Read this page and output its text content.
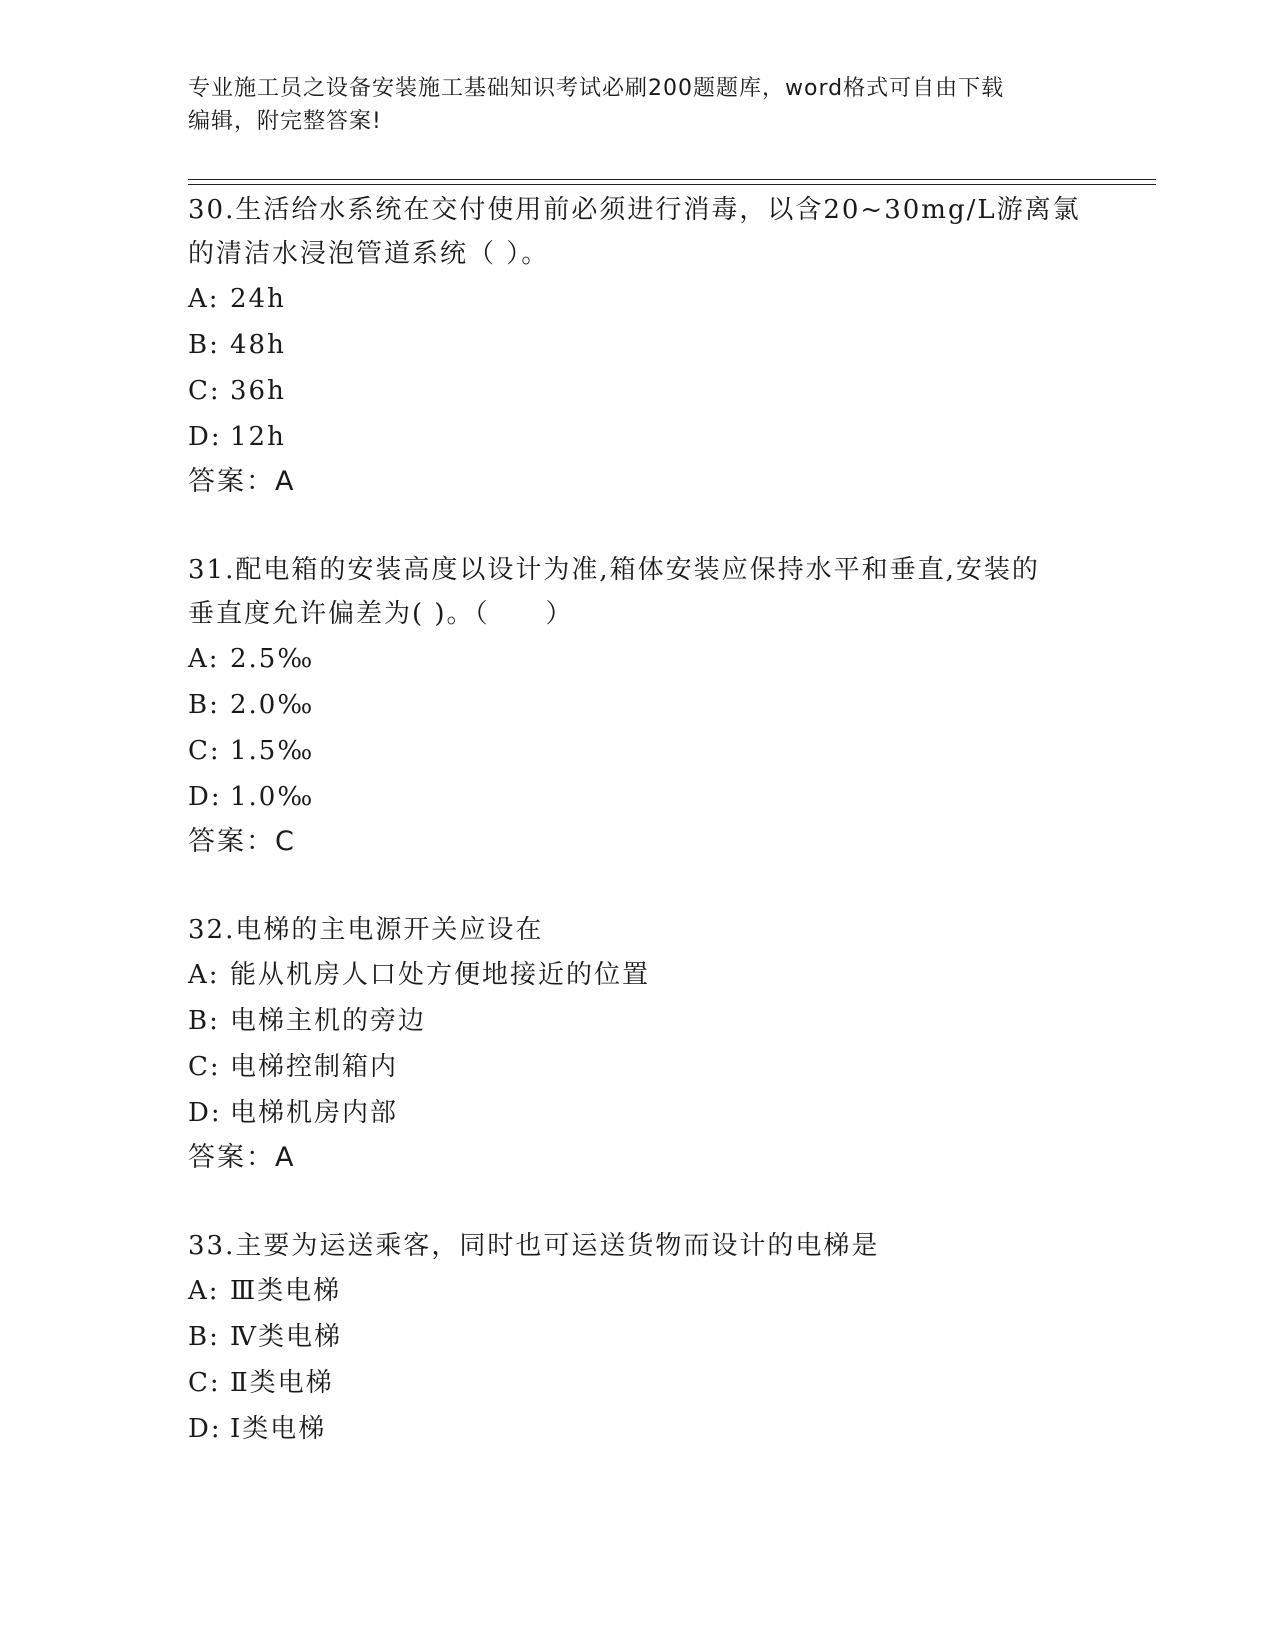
专业施工员之设备安装施工基础知识考试必刷200题题库，word格式可自由下载
编辑，附完整答案!
30.生活给水系统在交付使用前必须进行消毒，以含20~30mg/L游离氯
的清洁水浸泡管道系统（ ）。
A: 24h
B: 48h
C: 36h
D: 12h
答案：A
31.配电箱的安装高度以设计为准,箱体安装应保持水平和垂直,安装的
垂直度允许偏差为( )。（　　）
A: 2.5‰
B: 2.0‰
C: 1.5‰
D: 1.0‰
答案：C
32.电梯的主电源开关应设在
A: 能从机房人口处方便地接近的位置
B: 电梯主机的旁边
C: 电梯控制箱内
D: 电梯机房内部
答案：A
33.主要为运送乘客，同时也可运送货物而设计的电梯是
A: Ⅲ类电梯
B: Ⅳ类电梯
C: Ⅱ类电梯
D: Ⅰ类电梯
